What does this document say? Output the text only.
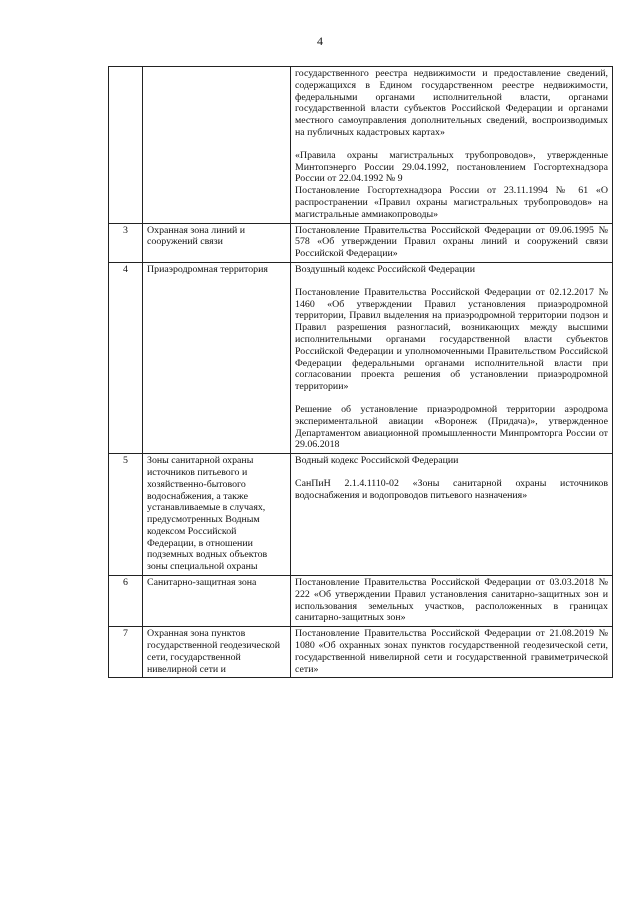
4

		государственного реестра недвижимости и предоставление сведений, содержащихся в Едином государственном реестре недвижимости, федеральными органами исполнительной власти, органами государственной власти субъектов Российской Федерации и органами местного самоуправления дополнительных сведений, воспроизводимых на публичных кадастровых картах»

«Правила охраны магистральных трубопроводов», утвержденные Минтопэнерго России 29.04.1992, постановлением Госгортехнадзора России от 22.04.1992 № 9

Постановление Госгортехнадзора России от 23.11.1994 № 61 «О распространении «Правил охраны магистральных трубопроводов» на магистральные аммиакопроводы»

3	Охранная зона линий и сооружений связи	Постановление Правительства Российской Федерации от 09.06.1995 № 578 «Об утверждении Правил охраны линий и сооружений связи Российской Федерации»

4	Приаэродромная территория	Воздушный кодекс Российской Федерации

Постановление Правительства Российской Федерации от 02.12.2017 № 1460 «Об утверждении Правил установления приаэродромной территории, Правил выделения на приаэродромной территории подзон и Правил разрешения разногласий, возникающих между высшими исполнительными органами государственной власти субъектов Российской Федерации и уполномоченными Правительством Российской Федерации федеральными органами исполнительной власти при согласовании проекта решения об установлении приаэродромной территории»

Решение об установление приаэродромной территории аэродрома экспериментальной авиации «Воронеж (Придача)», утвержденное Департаментом авиационной промышленности Минпромторга России от 29.06.2018

5	Зоны санитарной охраны источников питьевого и хозяйственно-бытового водоснабжения, а также устанавливаемые в случаях, предусмотренных Водным кодексом Российской Федерации, в отношении подземных водных объектов зоны специальной охраны	Водный кодекс Российской Федерации

СанПиН 2.1.4.1110-02 «Зоны санитарной охраны источников водоснабжения и водопроводов питьевого назначения»

6	Санитарно-защитная зона	Постановление Правительства Российской Федерации от 03.03.2018 № 222 «Об утверждении Правил установления санитарно-защитных зон и использования земельных участков, расположенных в границах санитарно-защитных зон»

7	Охранная зона пунктов государственной геодезической сети, государственной нивелирной сети и	Постановление Правительства Российской Федерации от 21.08.2019 № 1080 «Об охранных зонах пунктов государственной геодезической сети, государственной нивелирной сети и государственной гравиметрической сети»
